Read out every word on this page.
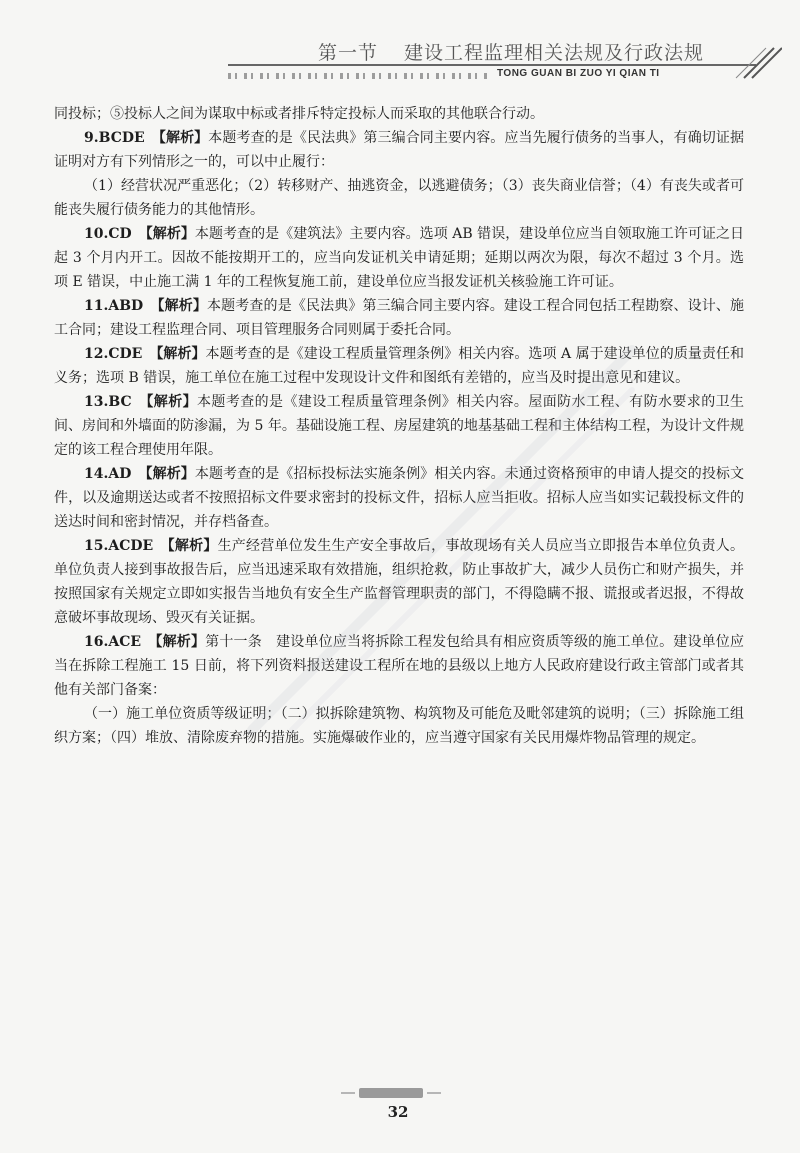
第一节 建设工程监理相关法规及行政法规
TONG GUAN BI ZUO YI QIAN TI

同投标；⑤投标人之间为谋取中标或者排斥特定投标人而采取的其他联合行动。

9.BCDE　【解析】本题考查的是《民法典》第三编合同主要内容。应当先履行债务的当事人，有确切证据证明对方有下列情形之一的，可以中止履行：

（1）经营状况严重恶化；（2）转移财产、抽逃资金，以逃避债务；（3）丧失商业信誉；（4）有丧失或者可能丧失履行债务能力的其他情形。

10.CD　【解析】本题考查的是《建筑法》主要内容。选项 AB 错误，建设单位应当自领取施工许可证之日起 3 个月内开工。因故不能按期开工的，应当向发证机关申请延期；延期以两次为限，每次不超过 3 个月。选项 E 错误，中止施工满 1 年的工程恢复施工前，建设单位应当报发证机关核验施工许可证。

11.ABD　【解析】本题考查的是《民法典》第三编合同主要内容。建设工程合同包括工程勘察、设计、施工合同；建设工程监理合同、项目管理服务合同则属于委托合同。

12.CDE　【解析】本题考查的是《建设工程质量管理条例》相关内容。选项 A 属于建设单位的质量责任和义务；选项 B 错误，施工单位在施工过程中发现设计文件和图纸有差错的，应当及时提出意见和建议。

13.BC　【解析】本题考查的是《建设工程质量管理条例》相关内容。屋面防水工程、有防水要求的卫生间、房间和外墙面的防渗漏，为 5 年。基础设施工程、房屋建筑的地基基础工程和主体结构工程，为设计文件规定的该工程合理使用年限。

14.AD　【解析】本题考查的是《招标投标法实施条例》相关内容。未通过资格预审的申请人提交的投标文件，以及逾期送达或者不按照招标文件要求密封的投标文件，招标人应当拒收。招标人应当如实记载投标文件的送达时间和密封情况，并存档备查。

15.ACDE　【解析】生产经营单位发生生产安全事故后，事故现场有关人员应当立即报告本单位负责人。单位负责人接到事故报告后，应当迅速采取有效措施，组织抢救，防止事故扩大，减少人员伤亡和财产损失，并按照国家有关规定立即如实报告当地负有安全生产监督管理职责的部门，不得隐瞒不报、谎报或者迟报，不得故意破坏事故现场、毁灭有关证据。

16.ACE　【解析】第十一条　建设单位应当将拆除工程发包给具有相应资质等级的施工单位。建设单位应当在拆除工程施工 15 日前，将下列资料报送建设工程所在地的县级以上地方人民政府建设行政主管部门或者其他有关部门备案：

（一）施工单位资质等级证明；（二）拟拆除建筑物、构筑物及可能危及毗邻建筑的说明；（三）拆除施工组织方案；（四）堆放、清除废弃物的措施。实施爆破作业的，应当遵守国家有关民用爆炸物品管理的规定。

32
